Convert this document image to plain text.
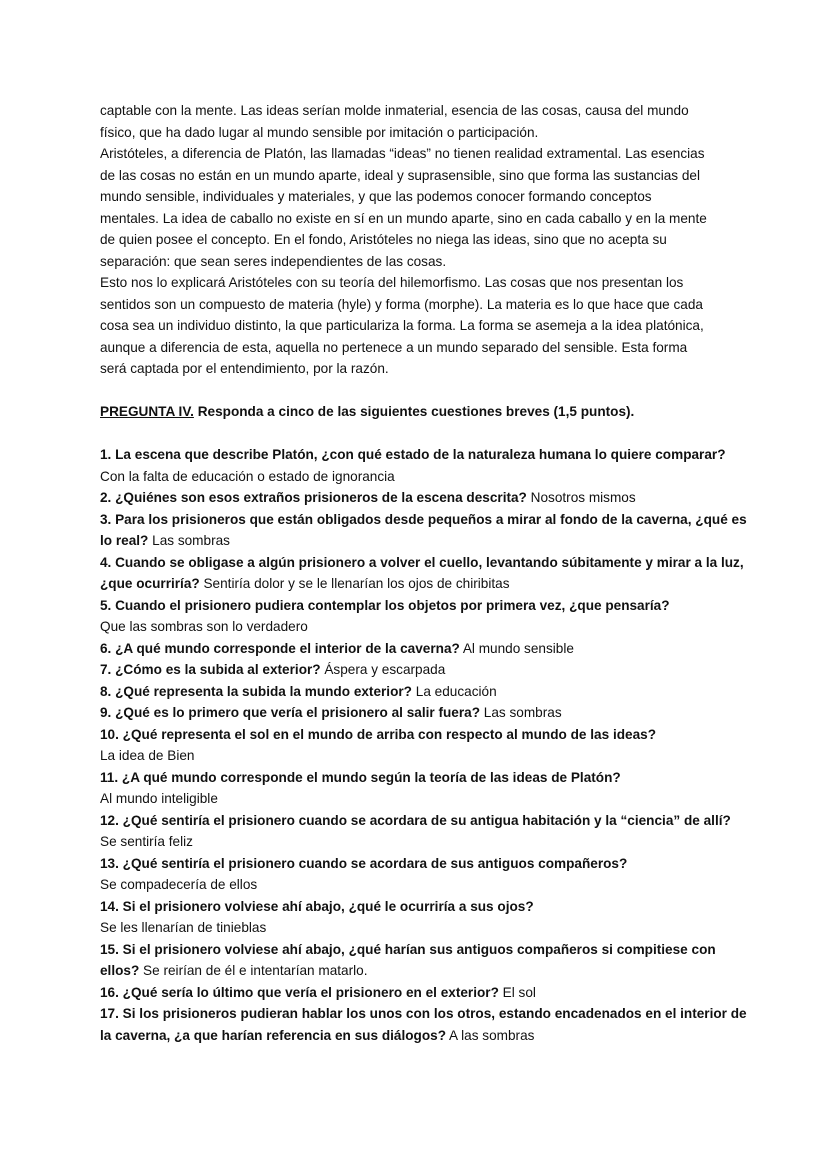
captable con la mente. Las ideas serían molde inmaterial, esencia de las cosas, causa del mundo
físico, que ha dado lugar al mundo sensible por imitación o participación.
Aristóteles, a diferencia de Platón, las llamadas “ideas” no tienen realidad extramental. Las esencias
de las cosas no están en un mundo aparte, ideal y suprasensible, sino que forma las sustancias del
mundo sensible, individuales y materiales, y que las podemos conocer formando conceptos
mentales. La idea de caballo no existe en sí en un mundo aparte, sino en cada caballo y en la mente
de quien posee el concepto. En el fondo, Aristóteles no niega las ideas, sino que no acepta su
separación: que sean seres independientes de las cosas.
Esto nos lo explicará Aristóteles con su teoría del hilemorfismo. Las cosas que nos presentan los
sentidos son un compuesto de materia (hyle) y forma (morphe). La materia es lo que hace que cada
cosa sea un individuo distinto, la que particulariza la forma. La forma se asemeja a la idea platónica,
aunque a diferencia de esta, aquella no pertenece a un mundo separado del sensible. Esta forma
será captada por el entendimiento, por la razón.
PREGUNTA IV. Responda a cinco de las siguientes cuestiones breves (1,5 puntos).
1. La escena que describe Platón, ¿con qué estado de la naturaleza humana lo quiere comparar?
Con la falta de educación o estado de ignorancia
2. ¿Quiénes son esos extraños prisioneros de la escena descrita? Nosotros mismos
3. Para los prisioneros que están obligados desde pequeños a mirar al fondo de la caverna, ¿qué es
lo real? Las sombras
4. Cuando se obligase a algún prisionero a volver el cuello, levantando súbitamente y mirar a la luz,
¿que ocurriría? Sentiría dolor y se le llenarían los ojos de chiribitas
5. Cuando el prisionero pudiera contemplar los objetos por primera vez, ¿que pensaría?
Que las sombras son lo verdadero
6. ¿A qué mundo corresponde el interior de la caverna? Al mundo sensible
7. ¿Cómo es la subida al exterior? Áspera y escarpada
8. ¿Qué representa la subida la mundo exterior? La educación
9. ¿Qué es lo primero que vería el prisionero al salir fuera? Las sombras
10. ¿Qué representa el sol en el mundo de arriba con respecto al mundo de las ideas?
La idea de Bien
11. ¿A qué mundo corresponde el mundo según la teoría de las ideas de Platón?
Al mundo inteligible
12. ¿Qué sentiría el prisionero cuando se acordara de su antigua habitación y la “ciencia” de allí?
Se sentiría feliz
13. ¿Qué sentiría el prisionero cuando se acordara de sus antiguos compañeros?
Se compadecería de ellos
14. Si el prisionero volviese ahí abajo, ¿qué le ocurriría a sus ojos?
Se les llenarían de tinieblas
15. Si el prisionero volviese ahí abajo, ¿qué harían sus antiguos compañeros si compitiese con
ellos? Se reirían de él e intentarían matarlo.
16. ¿Qué sería lo último que vería el prisionero en el exterior? El sol
17. Si los prisioneros pudieran hablar los unos con los otros, estando encadenados en el interior de
la caverna, ¿a que harían referencia en sus diálogos? A las sombras
